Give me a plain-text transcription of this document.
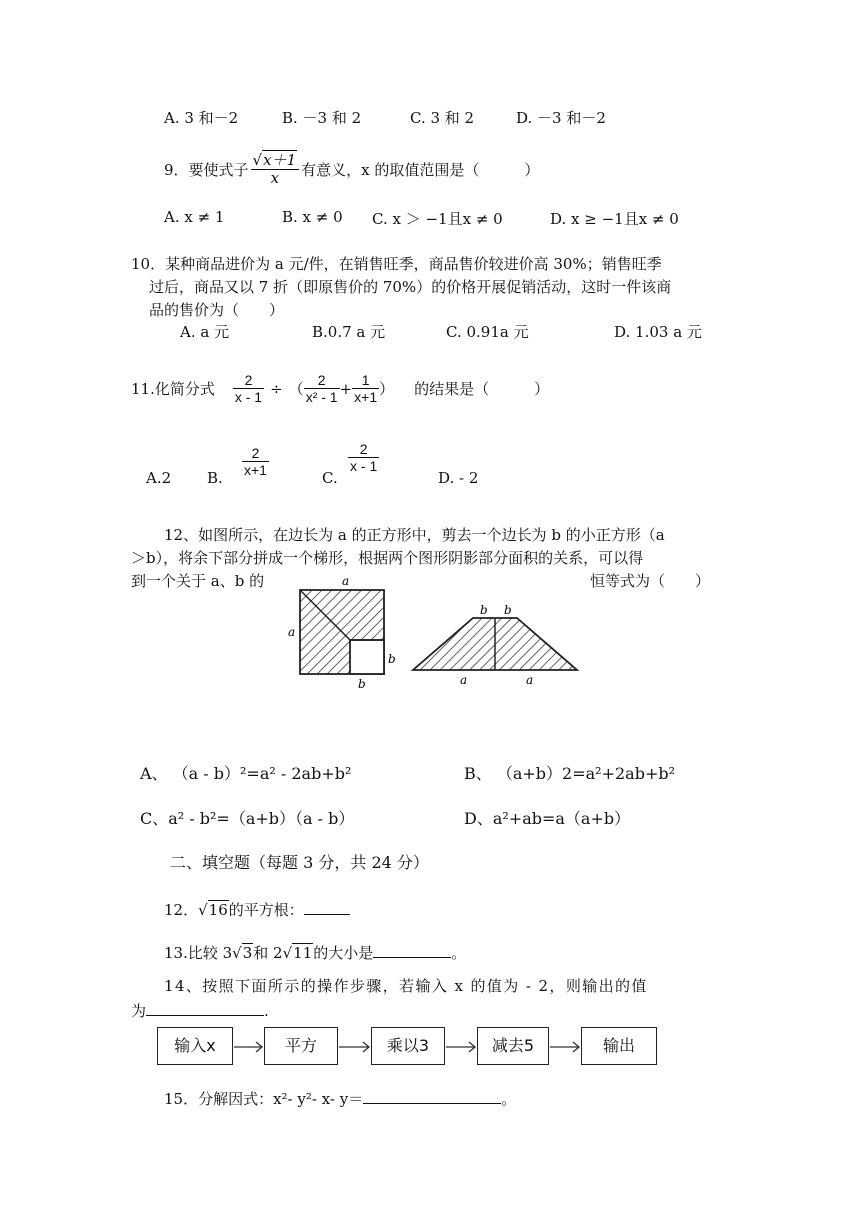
A. 3 和－2	B. －3 和 2	C. 3 和 2	D. －3 和－2
9．要使式子 $\frac{√x+1}{x}$ 有意义，x 的取值范围是（　　　）
A. x ≠ 1	B. x ≠ 0 C. x ＞ −1且x ≠ 0	D. x ≥ −1且x ≠ 0
10．某种商品进价为 a 元/件，在销售旺季，商品售价较进价高 30%；销售旺季
过后，商品又以 7 折（即原售价的 70%）的价格开展促销活动，这时一件该商
品的售价为（　　）
A. a 元	B.0.7 a 元	C. 0.91a 元	D. 1.03 a 元
11.化简分式 $\frac{2}{x - 1}$ ÷ （ $\frac{2}{\text{x² - 1}} + \frac{1}{x+1}$ ） 的结果是（　　　）
A.2 B. $\frac{2}{x+1}$	C.
$\frac{2}{x - 1}$
D. - 2
12、如图所示，在边长为 a 的正方形中，剪去一个边长为 b 的小正方形（a
＞b），将余下部分拼成一个梯形，根据两个图形阴影部分面积的关系，可以得
到一个关于 a、b 的	恒等式为（　　）
a
a
b
b
b b
a	a
A、 （a - b）²=a² - 2ab+b²	B、 （a+b）2=a²+2ab+b²
C、a² - b²=（a+b）（a - b）	D、a²+ab=a（a+b）
二、填空题（每题 3 分，共 24 分）
12．√16的平方根：
13.比较 3√3和 2√11的大小是	。
14、按照下面所示的操作步骤，若输入 x 的值为 - 2，则输出的值
为	.
输入x	平方	乘以3	减去5	输出
15．分解因式：x²- y²- x- y＝	。
